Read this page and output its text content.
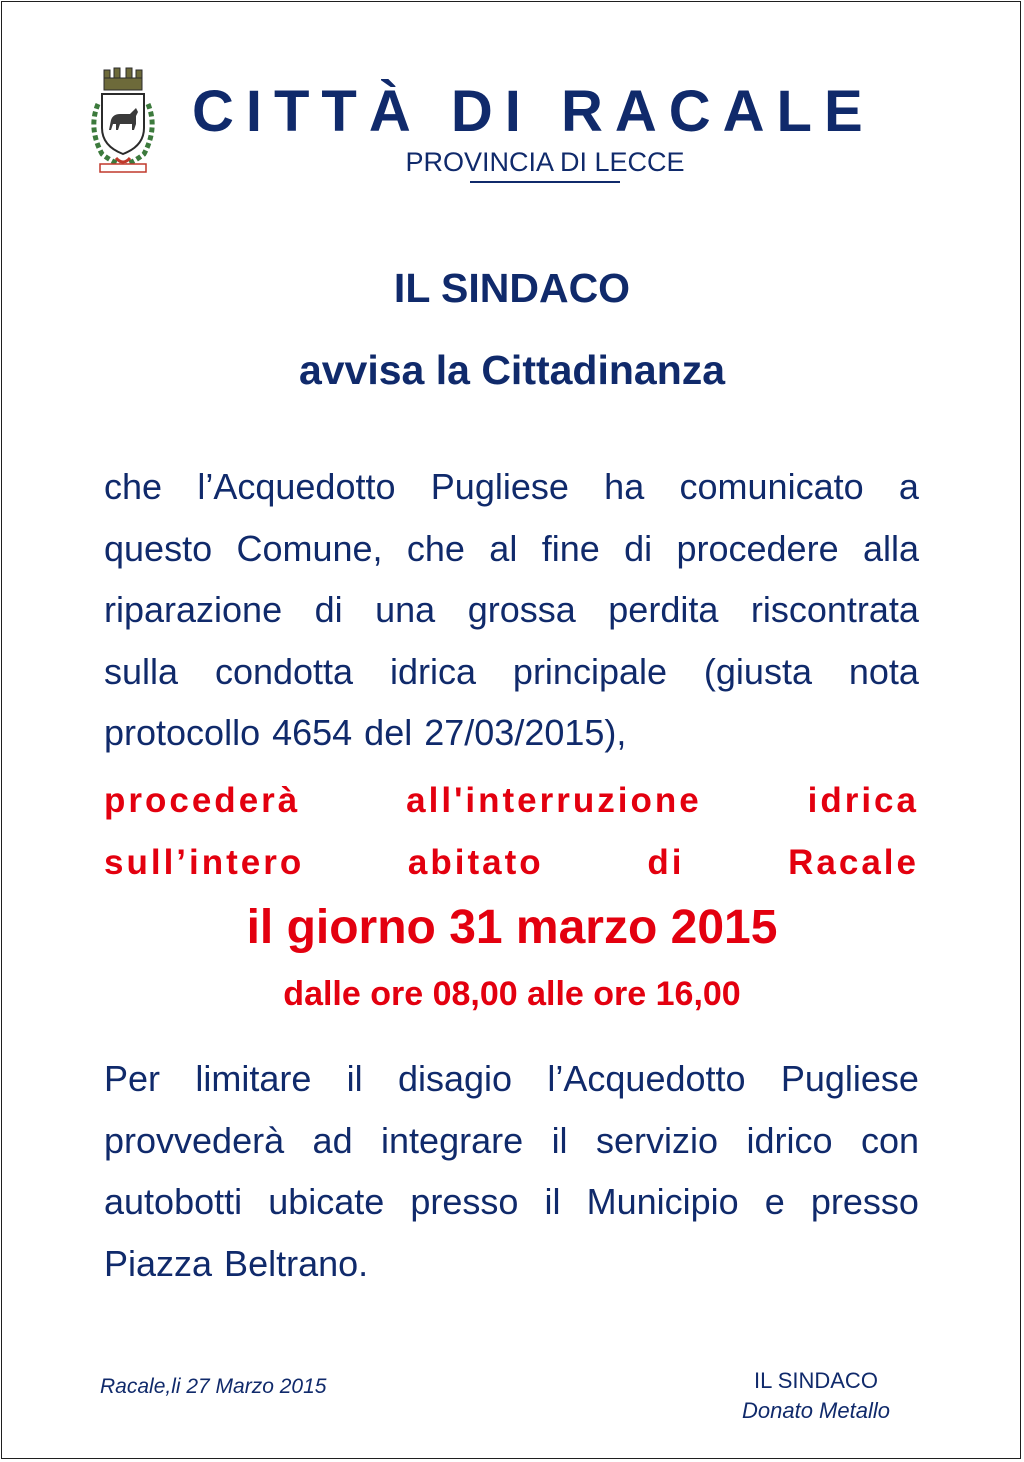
CITTÀ DI RACALE
PROVINCIA DI LECCE
IL SINDACO
avvisa la Cittadinanza
che l’Acquedotto Pugliese ha comunicato a
questo Comune, che al fine di procedere alla
riparazione di una grossa perdita riscontrata
sulla condotta idrica principale (giusta nota
protocollo 4654 del 27/03/2015),
procederà	all'interruzione	idrica
sull’intero	abitato	di	Racale
il giorno 31 marzo 2015
dalle ore 08,00 alle ore 16,00
Per limitare il disagio l’Acquedotto Pugliese
provvederà ad integrare il servizio idrico con
autobotti ubicate presso il Municipio e presso
Piazza Beltrano.
Racale,li 27 Marzo 2015	IL SINDACO
Donato Metallo
